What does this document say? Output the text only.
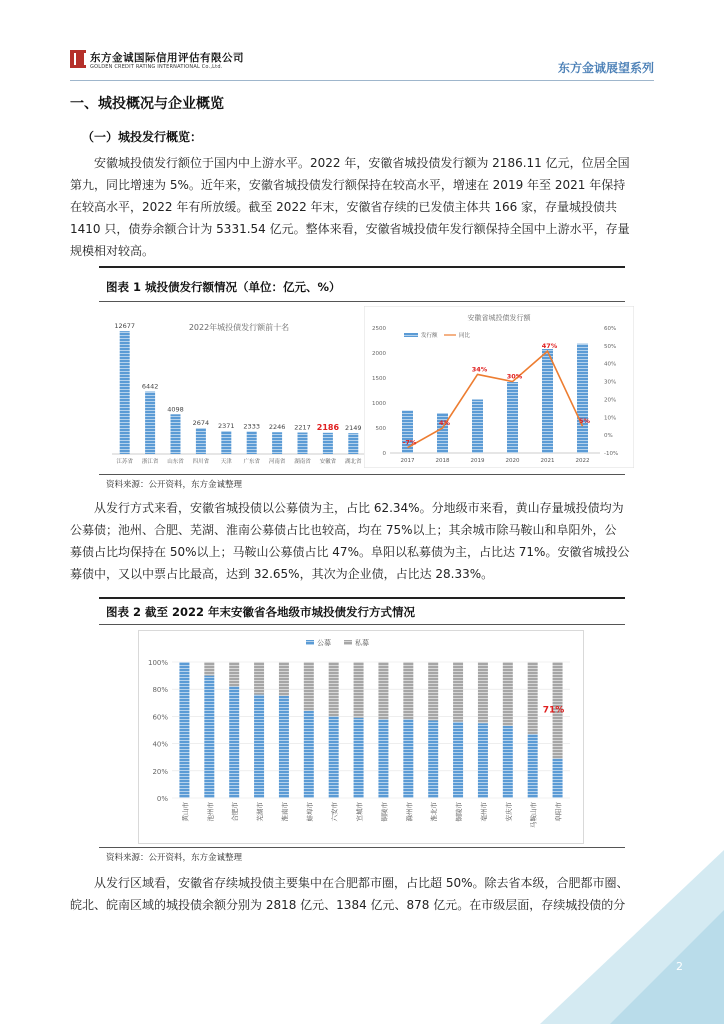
2
东方金诚国际信用评估有限公司
GOLDEN CREDIT RATING INTERNATIONAL Co.,Ltd.	东方金诚展望系列
一、城投概况与企业概览
（一）城投发行概览：
安徽城投债发行额位于国内中上游水平。2022 年，安徽省城投债发行额为 2186.11 亿元，位居全国
第九，同比增速为 5%。近年来，安徽省城投债发行额保持在较高水平，增速在 2019 年至 2021 年保持
在较高水平，2022 年有所放缓。截至 2022 年末，安徽省存续的已发债主体共 166 家，存量城投债共
1410 只，债券余额合计为 5331.54 亿元。整体来看，安徽省城投债年发行额保持全国中上游水平，存量
规模相对较高。
图表 1 城投债发行额情况（单位：亿元、%）
2022年城投债发行额前十名
12677
江苏省
6442
浙江省
4098
山东省
2674
四川省
2371
天津
2333
广东省
2246
河南省
2217
湖南省
2186
安徽省
2149
湖北省
安徽省城投债发行额
2500
2000
1500
1000
500
0
60%
50%
40%
30%
20%
10%
0%
-10%
发行额	同比
2017	2018	2019	2020	2021	2022
-7%
4%
34%
30%
47%
5%
资料来源：公开资料，东方金诚整理
从发行方式来看，安徽省城投债以公募债为主，占比 62.34%。分地级市来看，黄山存量城投债均为
公募债；池州、合肥、芜湖、淮南公募债占比也较高，均在 75%以上；其余城市除马鞍山和阜阳外，公
募债占比均保持在 50%以上；马鞍山公募债占比 47%。阜阳以私募债为主，占比达 71%。安徽省城投公
募债中，又以中票占比最高，达到 32.65%，其次为企业债，占比达 28.33%。
图表 2 截至 2022 年末安徽省各地级市城投债发行方式情况
公募	私募
100%
80%
60%
40%
20%
0%
黄山市	池州市	合肥市	芜湖市	淮南市	蚌埠市	六安市	宣城市	铜陵市	滁州市	淮北市	铜陵市	亳州市	安庆市	马鞍山市	阜阳市
71%
资料来源：公开资料，东方金诚整理
从发行区域看，安徽省存续城投债主要集中在合肥都市圈，占比超 50%。除去省本级，合肥都市圈、
皖北、皖南区域的城投债余额分别为 2818 亿元、1384 亿元、878 亿元。在市级层面，存续城投债的分
